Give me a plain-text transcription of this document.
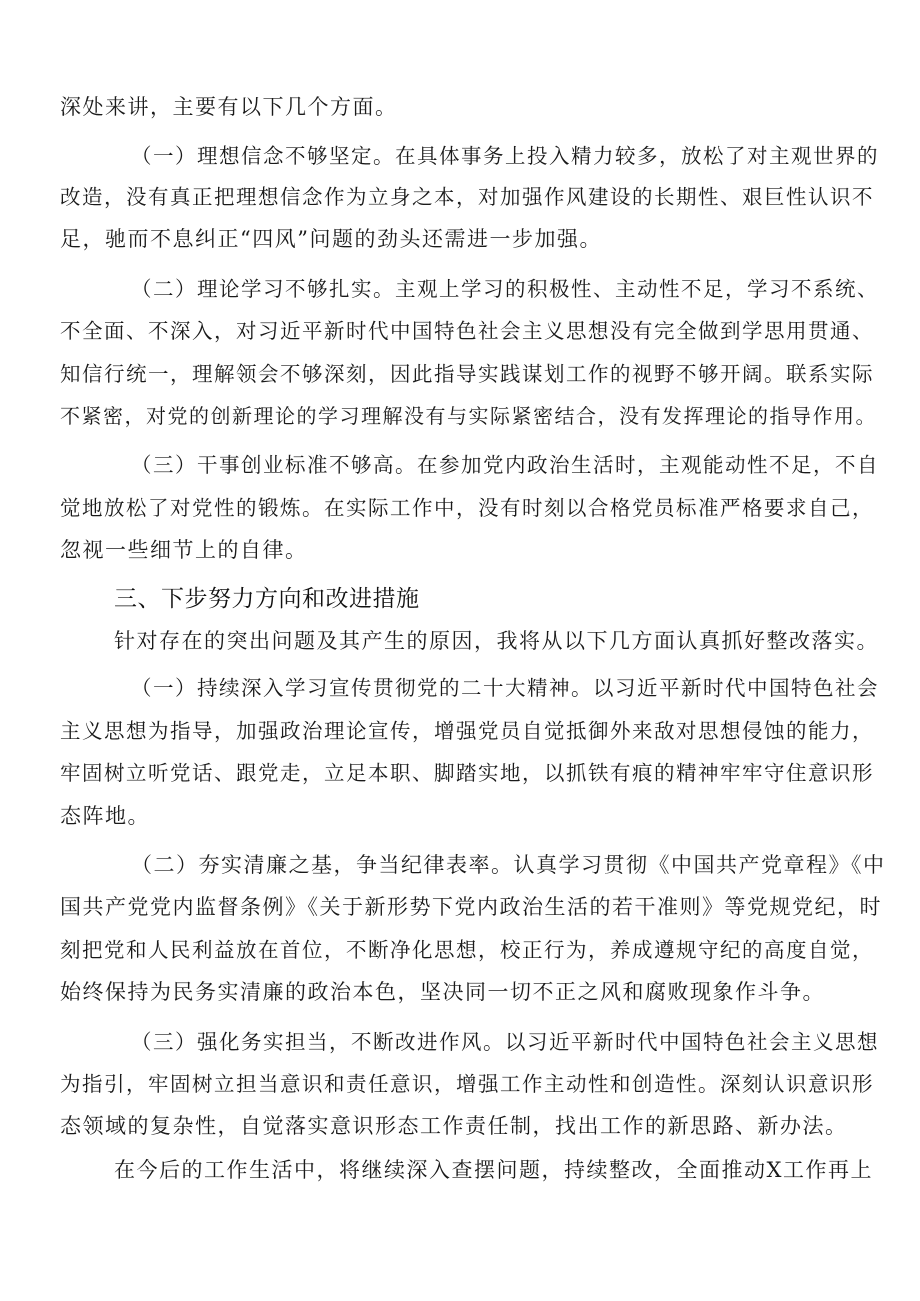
深处来讲，主要有以下几个方面。
（一）理想信念不够坚定。在具体事务上投入精力较多，放松了对主观世界的
改造，没有真正把理想信念作为立身之本，对加强作风建设的长期性、艰巨性认识不
足，驰而不息纠正“四风”问题的劲头还需进一步加强。
（二）理论学习不够扎实。主观上学习的积极性、主动性不足，学习不系统、
不全面、不深入，对习近平新时代中国特色社会主义思想没有完全做到学思用贯通、
知信行统一，理解领会不够深刻，因此指导实践谋划工作的视野不够开阔。联系实际
不紧密，对党的创新理论的学习理解没有与实际紧密结合，没有发挥理论的指导作用。
（三）干事创业标准不够高。在参加党内政治生活时，主观能动性不足，不自
觉地放松了对党性的锻炼。在实际工作中，没有时刻以合格党员标准严格要求自己，
忽视一些细节上的自律。
三、下步努力方向和改进措施
针对存在的突出问题及其产生的原因，我将从以下几方面认真抓好整改落实。
（一）持续深入学习宣传贯彻党的二十大精神。以习近平新时代中国特色社会
主义思想为指导，加强政治理论宣传，增强党员自觉抵御外来敌对思想侵蚀的能力，
牢固树立听党话、跟党走，立足本职、脚踏实地，以抓铁有痕的精神牢牢守住意识形
态阵地。
（二）夯实清廉之基，争当纪律表率。认真学习贯彻《中国共产党章程》《中
国共产党党内监督条例》《关于新形势下党内政治生活的若干准则》等党规党纪，时
刻把党和人民利益放在首位，不断净化思想，校正行为，养成遵规守纪的高度自觉，
始终保持为民务实清廉的政治本色，坚决同一切不正之风和腐败现象作斗争。
（三）强化务实担当，不断改进作风。以习近平新时代中国特色社会主义思想
为指引，牢固树立担当意识和责任意识，增强工作主动性和创造性。深刻认识意识形
态领域的复杂性，自觉落实意识形态工作责任制，找出工作的新思路、新办法。
在今后的工作生活中，将继续深入查摆问题，持续整改，全面推动X工作再上
